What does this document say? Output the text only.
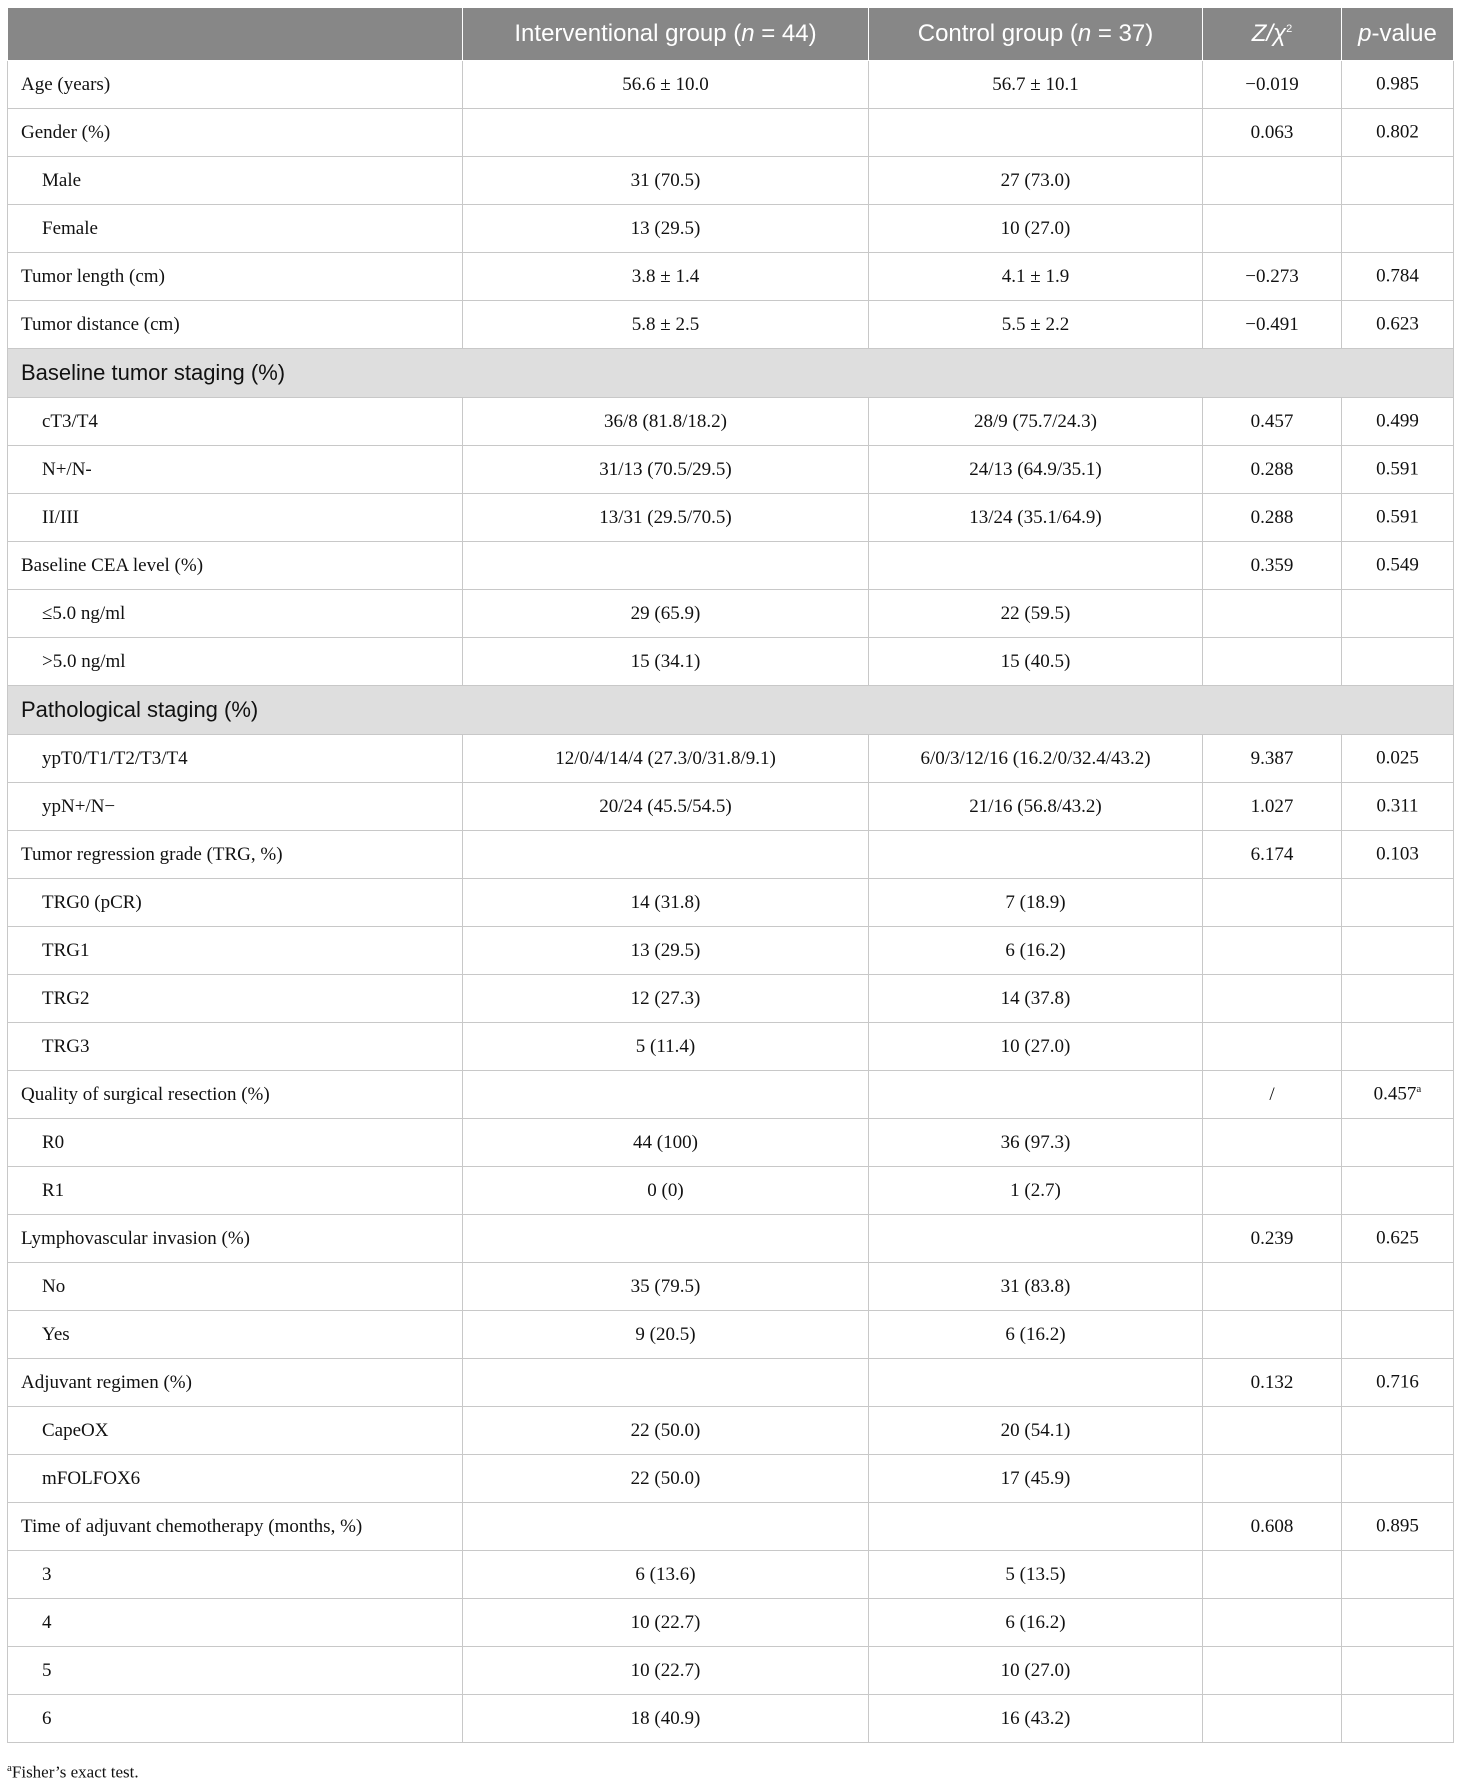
	Interventional group (n = 44)	Control group (n = 37)	$Z/\chi^2$	p-value
Age (years)	56.6 ± 10.0	56.7 ± 10.1	−0.019	0.985
Gender (%)			0.063	0.802
Male	31 (70.5)	27 (73.0)		
Female	13 (29.5)	10 (27.0)		
Tumor length (cm)	3.8 ± 1.4	4.1 ± 1.9	−0.273	0.784
Tumor distance (cm)	5.8 ± 2.5	5.5 ± 2.2	−0.491	0.623
Baseline tumor staging (%)				
cT3/T4	36/8 (81.8/18.2)	28/9 (75.7/24.3)	0.457	0.499
N+/N-	31/13 (70.5/29.5)	24/13 (64.9/35.1)	0.288	0.591
II/III	13/31 (29.5/70.5)	13/24 (35.1/64.9)	0.288	0.591
Baseline CEA level (%)			0.359	0.549
≤5.0 ng/ml	29 (65.9)	22 (59.5)		
>5.0 ng/ml	15 (34.1)	15 (40.5)		
Pathological staging (%)				
ypT0/T1/T2/T3/T4	12/0/4/14/4 (27.3/0/31.8/9.1)	6/0/3/12/16 (16.2/0/32.4/43.2)	9.387	0.025
ypN+/N−	20/24 (45.5/54.5)	21/16 (56.8/43.2)	1.027	0.311
Tumor regression grade (TRG, %)			6.174	0.103
TRG0 (pCR)	14 (31.8)	7 (18.9)		
TRG1	13 (29.5)	6 (16.2)		
TRG2	12 (27.3)	14 (37.8)		
TRG3	5 (11.4)	10 (27.0)		
Quality of surgical resection (%)			/	0.457$^a$
R0	44 (100)	36 (97.3)		
R1	0 (0)	1 (2.7)		
Lymphovascular invasion (%)			0.239	0.625
No	35 (79.5)	31 (83.8)		
Yes	9 (20.5)	6 (16.2)		
Adjuvant regimen (%)			0.132	0.716
CapeOX	22 (50.0)	20 (54.1)		
mFOLFOX6	22 (50.0)	17 (45.9)		
Time of adjuvant chemotherapy (months, %)			0.608	0.895
3	6 (13.6)	5 (13.5)		
4	10 (22.7)	6 (16.2)		
5	10 (22.7)	10 (27.0)		
6	18 (40.9)	16 (43.2)		
$^a$Fisher’s exact test.
